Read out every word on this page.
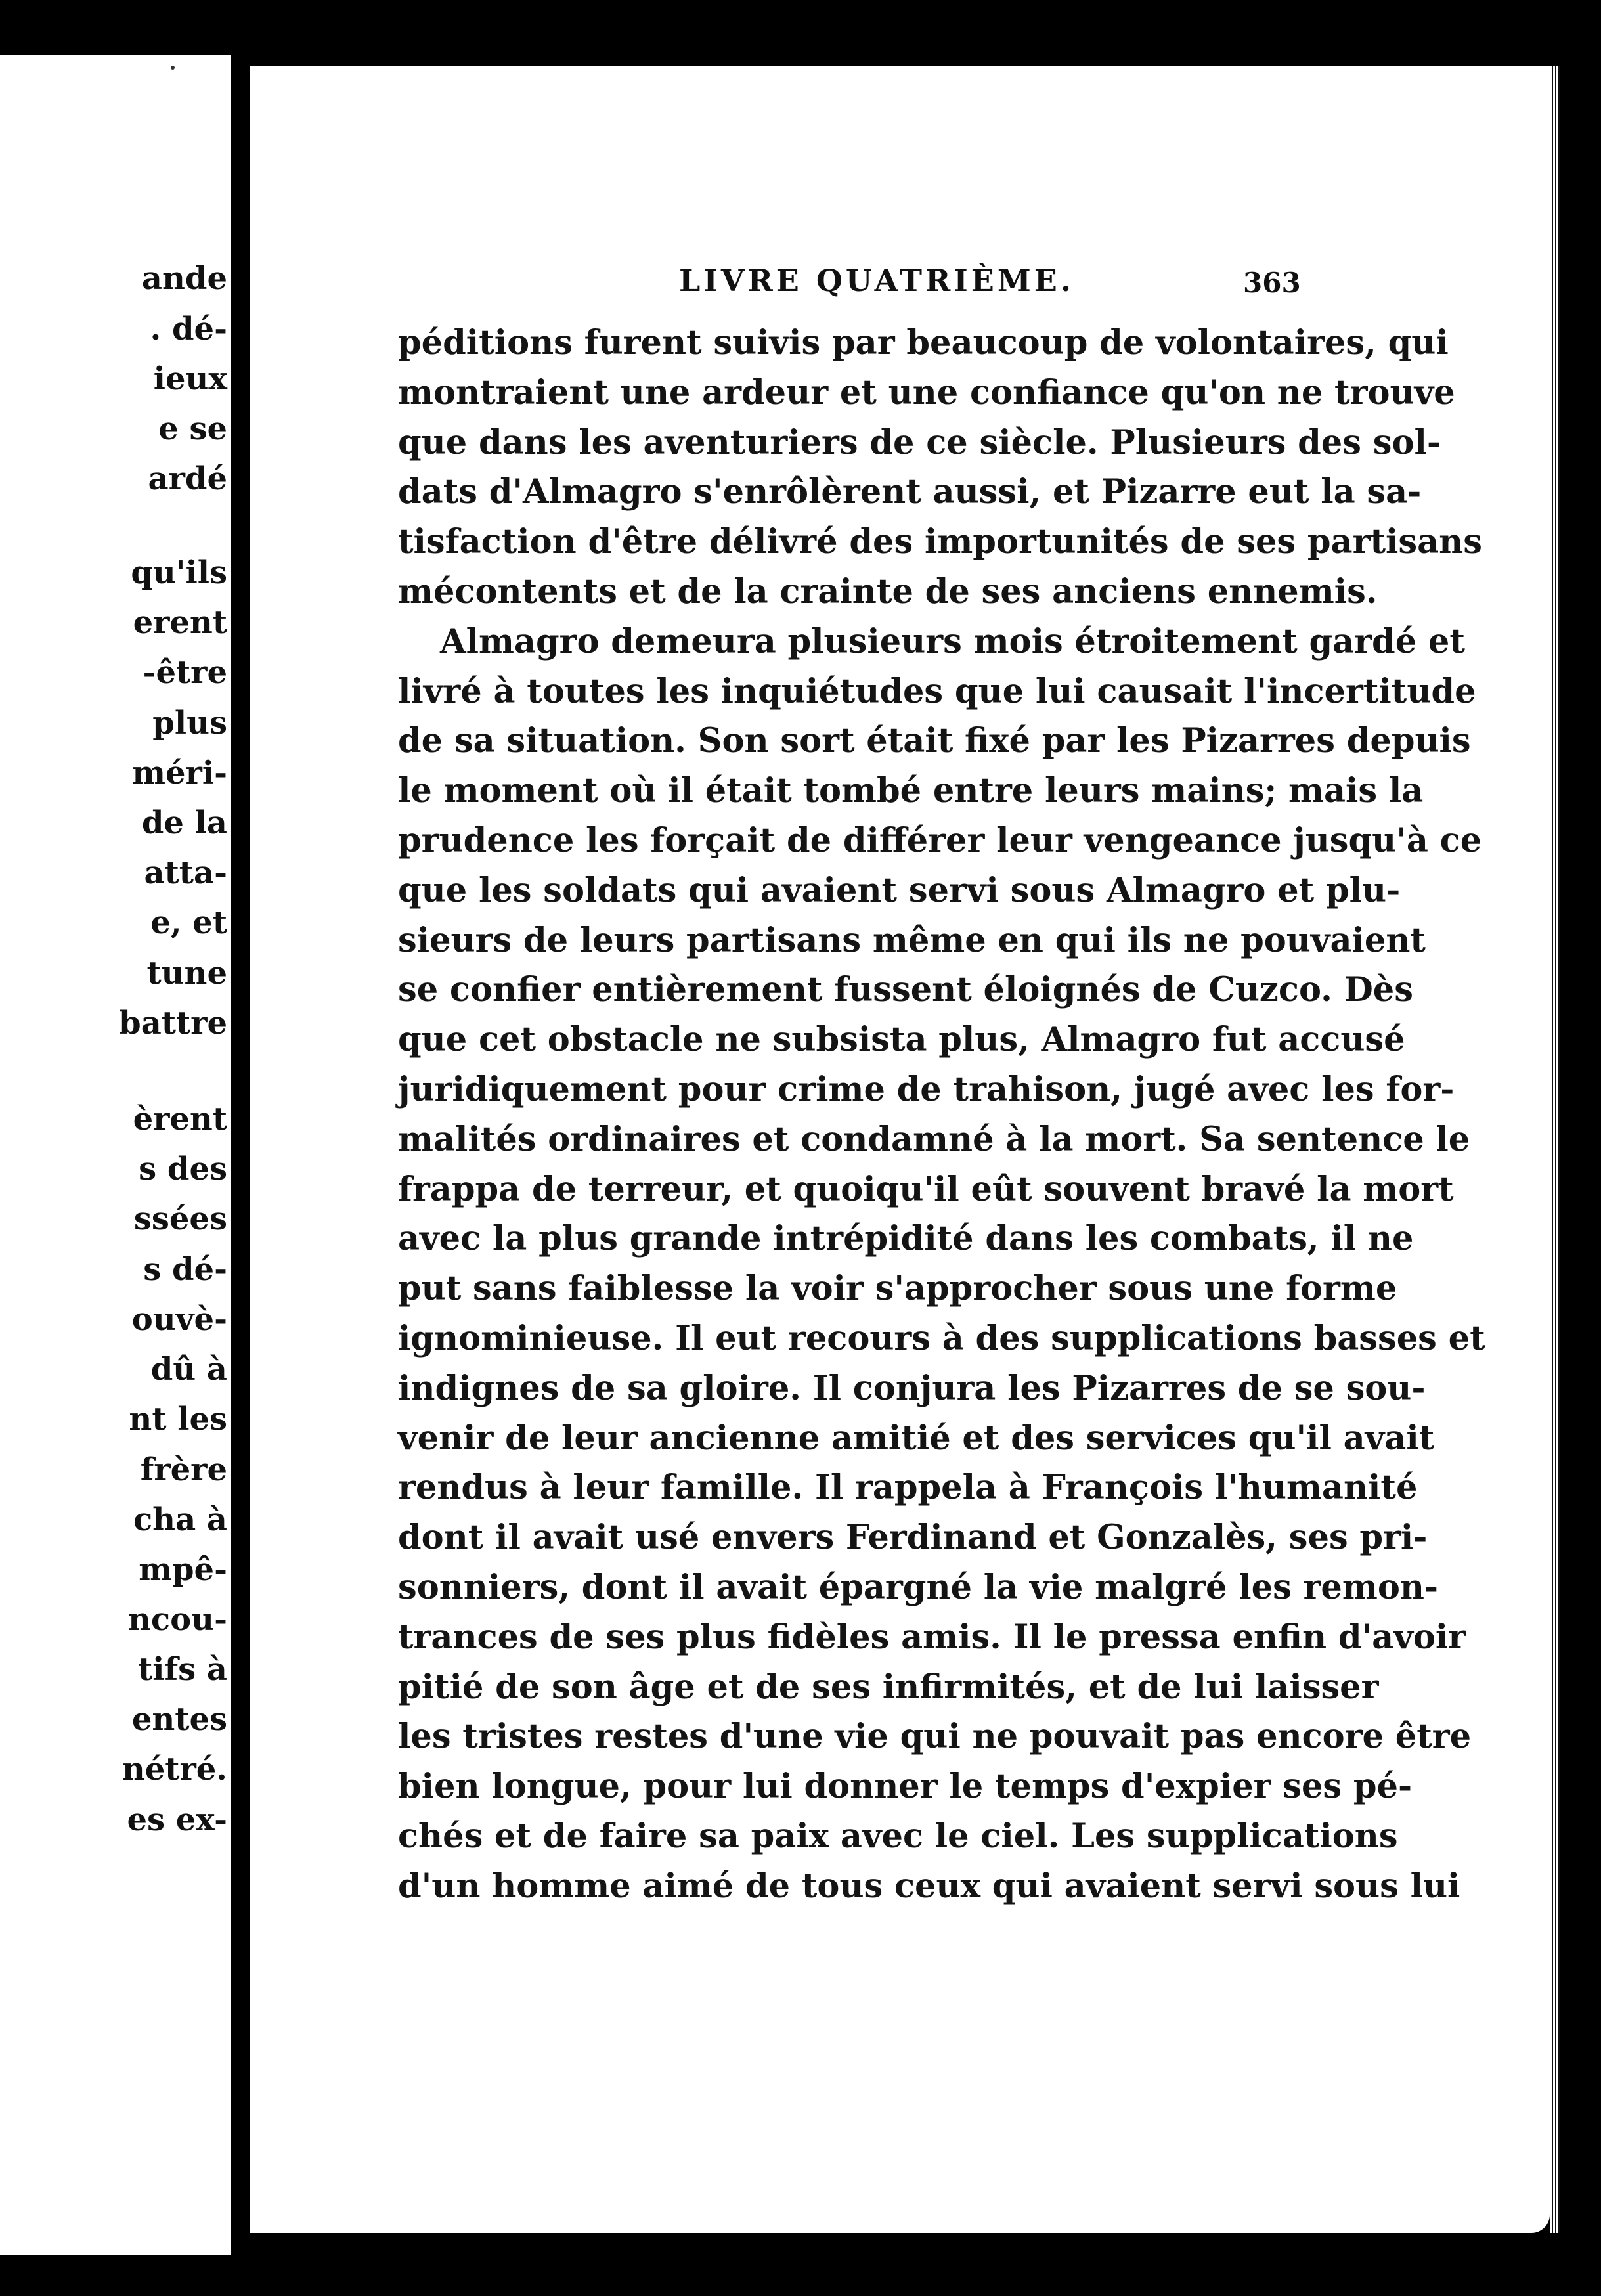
ande
. dé-
ieux
e se
ardé
qu'ils
erent
-être
plus
méri-
de la
atta-
e, et
tune
battre
èrent
s des
ssées
s dé-
ouvè-
dû à
nt les
frère
cha à
mpê-
ncou-
tifs à
entes
nétré.
es ex-
LIVRE QUATRIÈME.	363
péditions furent suivis par beaucoup de volontaires, qui
montraient une ardeur et une confiance qu'on ne trouve
que dans les aventuriers de ce siècle. Plusieurs des sol-
dats d'Almagro s'enrôlèrent aussi, et Pizarre eut la sa-
tisfaction d'être délivré des importunités de ses partisans
mécontents et de la crainte de ses anciens ennemis.
Almagro demeura plusieurs mois étroitement gardé et
livré à toutes les inquiétudes que lui causait l'incertitude
de sa situation. Son sort était fixé par les Pizarres depuis
le moment où il était tombé entre leurs mains; mais la
prudence les forçait de différer leur vengeance jusqu'à ce
que les soldats qui avaient servi sous Almagro et plu-
sieurs de leurs partisans même en qui ils ne pouvaient
se confier entièrement fussent éloignés de Cuzco. Dès
que cet obstacle ne subsista plus, Almagro fut accusé
juridiquement pour crime de trahison, jugé avec les for-
malités ordinaires et condamné à la mort. Sa sentence le
frappa de terreur, et quoiqu'il eût souvent bravé la mort
avec la plus grande intrépidité dans les combats, il ne
put sans faiblesse la voir s'approcher sous une forme
ignominieuse. Il eut recours à des supplications basses et
indignes de sa gloire. Il conjura les Pizarres de se sou-
venir de leur ancienne amitié et des services qu'il avait
rendus à leur famille. Il rappela à François l'humanité
dont il avait usé envers Ferdinand et Gonzalès, ses pri-
sonniers, dont il avait épargné la vie malgré les remon-
trances de ses plus fidèles amis. Il le pressa enfin d'avoir
pitié de son âge et de ses infirmités, et de lui laisser
les tristes restes d'une vie qui ne pouvait pas encore être
bien longue, pour lui donner le temps d'expier ses pé-
chés et de faire sa paix avec le ciel. Les supplications
d'un homme aimé de tous ceux qui avaient servi sous lui
